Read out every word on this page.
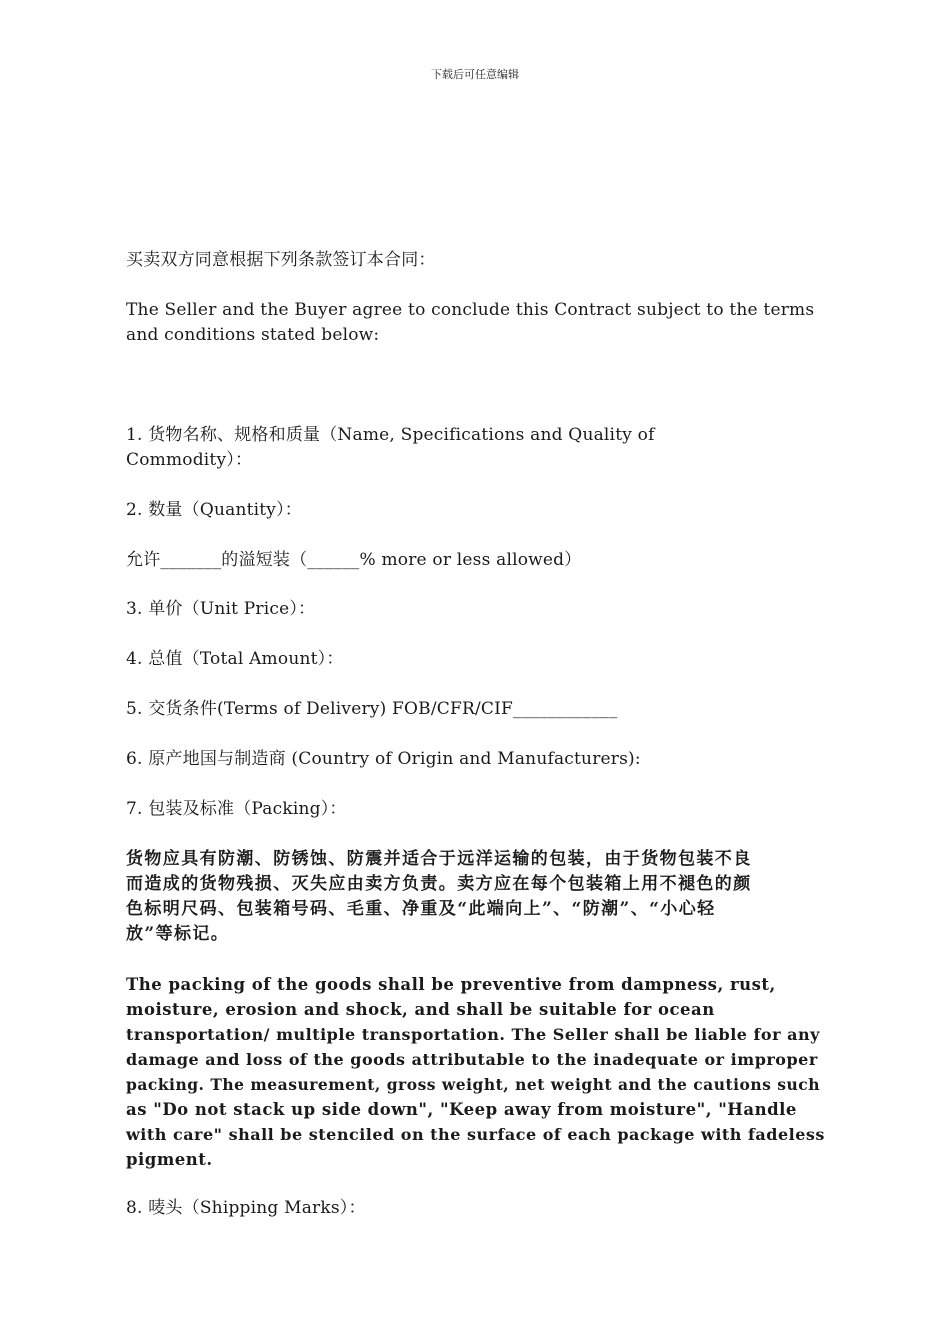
下载后可任意编辑
买卖双方同意根据下列条款签订本合同：
The Seller and the Buyer agree to conclude this Contract subject to the terms
and conditions stated below:
1. 货物名称、规格和质量（Name, Specifications and Quality of
Commodity）：
2. 数量（Quantity）：
允许_______的溢短装（______% more or less allowed）
3. 单价（Unit Price）：
4. 总值（Total Amount）：
5. 交货条件(Terms of Delivery) FOB/CFR/CIF____________
6. 原产地国与制造商 (Country of Origin and Manufacturers):
7. 包装及标准（Packing）：
货物应具有防潮、防锈蚀、防震并适合于远洋运输的包装，由于货物包装不良
而造成的货物残损、灭失应由卖方负责。卖方应在每个包装箱上用不褪色的颜
色标明尺码、包装箱号码、毛重、净重及“此端向上”、“防潮”、“小心轻
放”等标记。
The packing of the goods shall be preventive from dampness, rust,
moisture, erosion and shock, and shall be suitable for ocean
transportation/ multiple transportation. The Seller shall be liable for any
damage and loss of the goods attributable to the inadequate or improper
packing. The measurement, gross weight, net weight and the cautions such
as "Do not stack up side down", "Keep away from moisture", "Handle
with care" shall be stenciled on the surface of each package with fadeless
pigment.
8. 唛头（Shipping Marks）：
